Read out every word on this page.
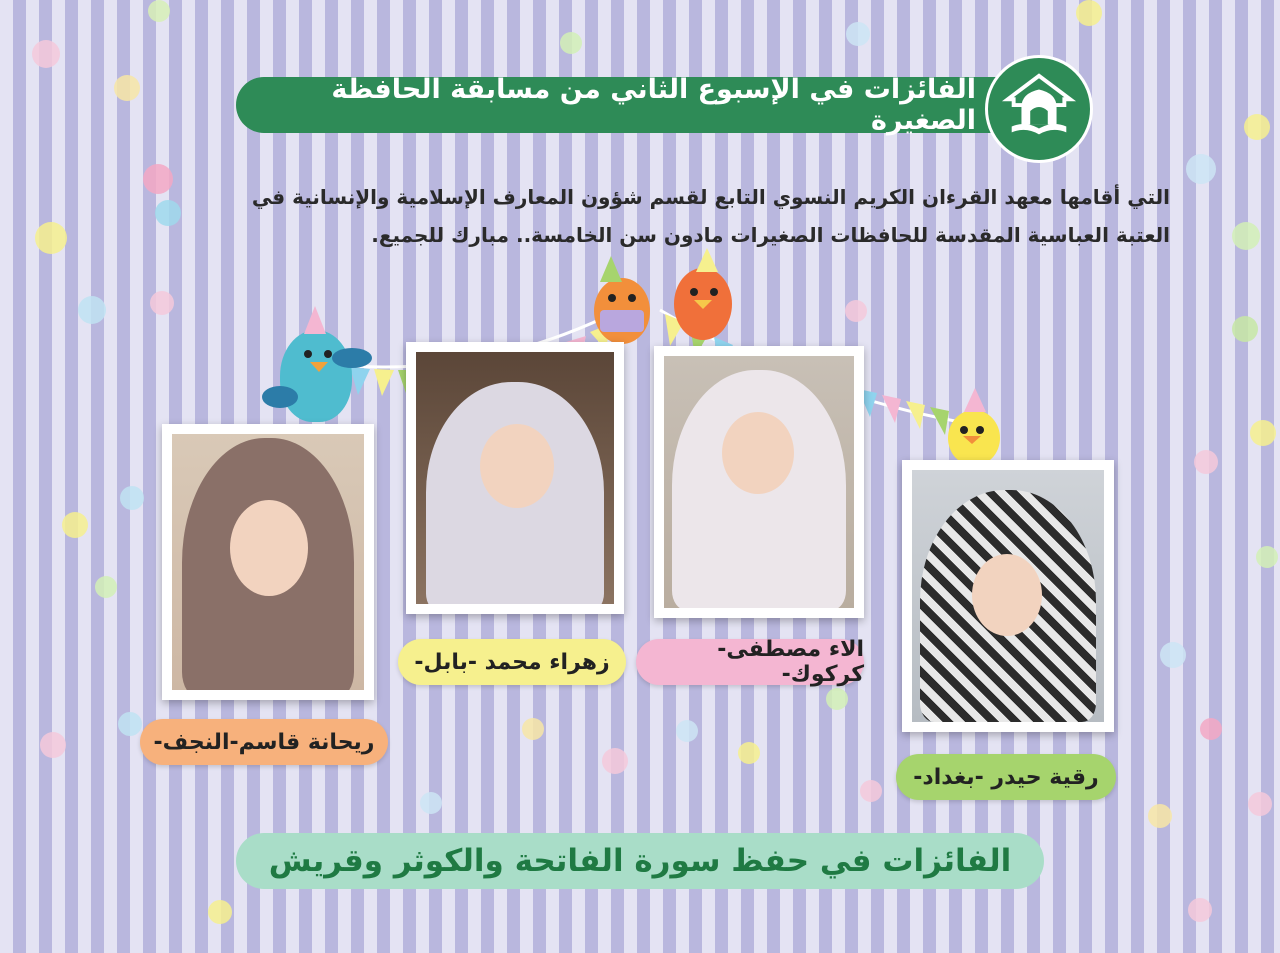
الفائزات في الإسبوع الثاني من مسابقة الحافظة الصغيرة
التي أقامها معهد القرءان الكريم النسوي التابع لقسم شؤون المعارف الإسلامية والإنسانية في
العتبة العباسية المقدسة للحافظات الصغيرات مادون سن الخامسة.. مبارك للجميع.
ريحانة قاسم-النجف-
زهراء محمد -بابل-	الاء مصطفى-كركوك-
رقية حيدر -بغداد-
الفائزات في حفظ سورة الفاتحة والكوثر وقريش
